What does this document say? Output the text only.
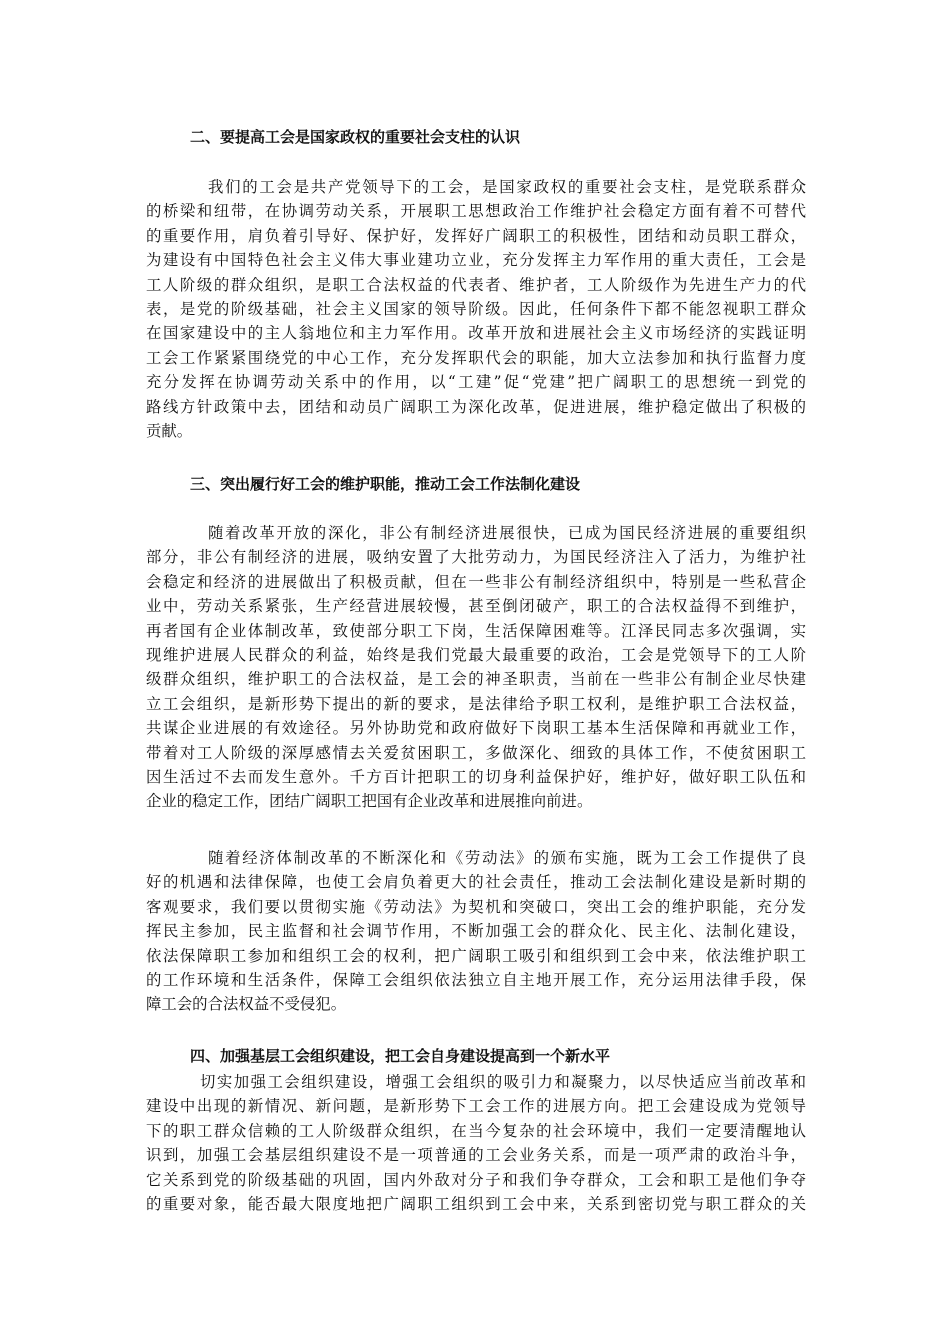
二、要提高工会是国家政权的重要社会支柱的认识
我们的工会是共产党领导下的工会，是国家政权的重要社会支柱，是党联系群众
的桥梁和纽带，在协调劳动关系，开展职工思想政治工作维护社会稳定方面有着不可替代
的重要作用，肩负着引导好、保护好，发挥好广阔职工的积极性，团结和动员职工群众，
为建设有中国特色社会主义伟大事业建功立业，充分发挥主力军作用的重大责任，工会是
工人阶级的群众组织，是职工合法权益的代表者、维护者，工人阶级作为先进生产力的代
表，是党的阶级基础，社会主义国家的领导阶级。因此，任何条件下都不能忽视职工群众
在国家建设中的主人翁地位和主力军作用。改革开放和进展社会主义市场经济的实践证明
工会工作紧紧围绕党的中心工作，充分发挥职代会的职能，加大立法参加和执行监督力度
充分发挥在协调劳动关系中的作用，以“工建”促“党建”把广阔职工的思想统一到党的
路线方针政策中去，团结和动员广阔职工为深化改革，促进进展，维护稳定做出了积极的
贡献。
三、突出履行好工会的维护职能，推动工会工作法制化建设
随着改革开放的深化，非公有制经济进展很快，已成为国民经济进展的重要组织
部分，非公有制经济的进展，吸纳安置了大批劳动力，为国民经济注入了活力，为维护社
会稳定和经济的进展做出了积极贡献，但在一些非公有制经济组织中，特别是一些私营企
业中，劳动关系紧张，生产经营进展较慢，甚至倒闭破产，职工的合法权益得不到维护，
再者国有企业体制改革，致使部分职工下岗，生活保障困难等。江泽民同志多次强调，实
现维护进展人民群众的利益，始终是我们党最大最重要的政治，工会是党领导下的工人阶
级群众组织，维护职工的合法权益，是工会的神圣职责，当前在一些非公有制企业尽快建
立工会组织，是新形势下提出的新的要求，是法律给予职工权利，是维护职工合法权益，
共谋企业进展的有效途径。另外协助党和政府做好下岗职工基本生活保障和再就业工作，
带着对工人阶级的深厚感情去关爱贫困职工，多做深化、细致的具体工作，不使贫困职工
因生活过不去而发生意外。千方百计把职工的切身利益保护好，维护好，做好职工队伍和
企业的稳定工作，团结广阔职工把国有企业改革和进展推向前进。
随着经济体制改革的不断深化和《劳动法》的颁布实施，既为工会工作提供了良
好的机遇和法律保障，也使工会肩负着更大的社会责任，推动工会法制化建设是新时期的
客观要求，我们要以贯彻实施《劳动法》为契机和突破口，突出工会的维护职能，充分发
挥民主参加，民主监督和社会调节作用，不断加强工会的群众化、民主化、法制化建设，
依法保障职工参加和组织工会的权利，把广阔职工吸引和组织到工会中来，依法维护职工
的工作环境和生活条件，保障工会组织依法独立自主地开展工作，充分运用法律手段，保
障工会的合法权益不受侵犯。
四、加强基层工会组织建设，把工会自身建设提高到一个新水平
切实加强工会组织建设，增强工会组织的吸引力和凝聚力，以尽快适应当前改革和
建设中出现的新情况、新问题，是新形势下工会工作的进展方向。把工会建设成为党领导
下的职工群众信赖的工人阶级群众组织，在当今复杂的社会环境中，我们一定要清醒地认
识到，加强工会基层组织建设不是一项普通的工会业务关系，而是一项严肃的政治斗争，
它关系到党的阶级基础的巩固，国内外敌对分子和我们争夺群众，工会和职工是他们争夺
的重要对象，能否最大限度地把广阔职工组织到工会中来，关系到密切党与职工群众的关
